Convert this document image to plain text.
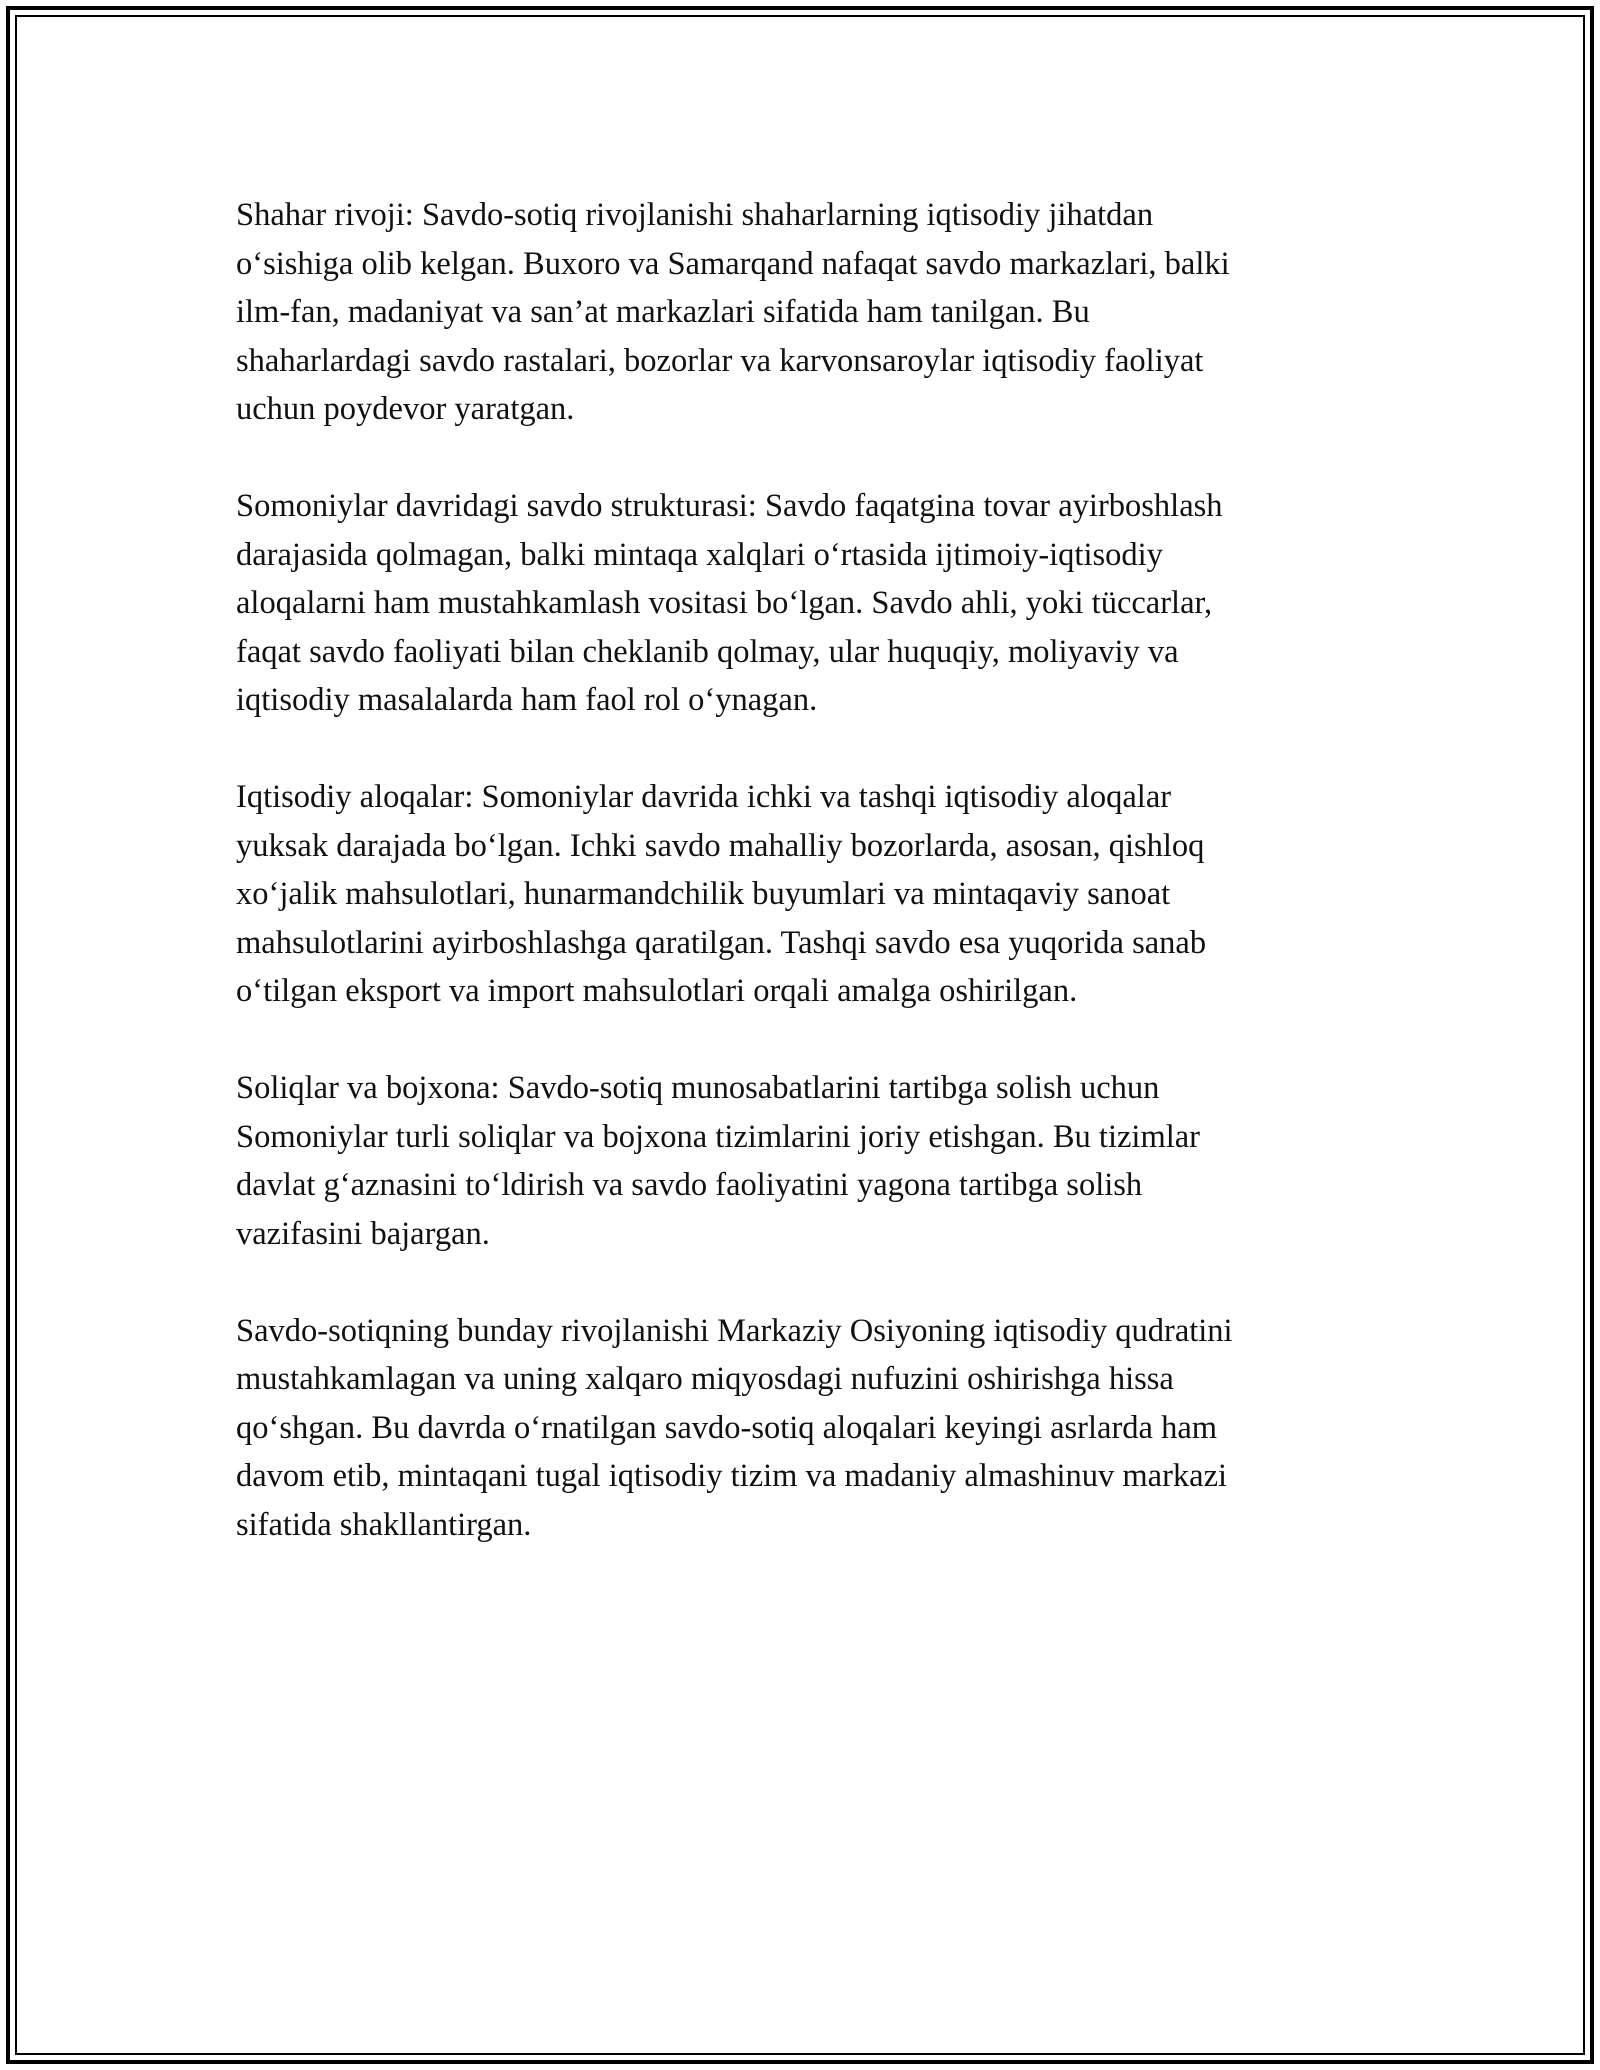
Shahar rivoji: Savdo-sotiq rivojlanishi shaharlarning iqtisodiy jihatdan
o‘sishiga olib kelgan. Buxoro va Samarqand nafaqat savdo markazlari, balki
ilm-fan, madaniyat va san’at markazlari sifatida ham tanilgan. Bu
shaharlardagi savdo rastalari, bozorlar va karvonsaroylar iqtisodiy faoliyat
uchun poydevor yaratgan.

Somoniylar davridagi savdo strukturasi: Savdo faqatgina tovar ayirboshlash
darajasida qolmagan, balki mintaqa xalqlari o‘rtasida ijtimoiy-iqtisodiy
aloqalarni ham mustahkamlash vositasi bo‘lgan. Savdo ahli, yoki tüccarlar,
faqat savdo faoliyati bilan cheklanib qolmay, ular huquqiy, moliyaviy va
iqtisodiy masalalarda ham faol rol o‘ynagan.

Iqtisodiy aloqalar: Somoniylar davrida ichki va tashqi iqtisodiy aloqalar
yuksak darajada bo‘lgan. Ichki savdo mahalliy bozorlarda, asosan, qishloq
xo‘jalik mahsulotlari, hunarmandchilik buyumlari va mintaqaviy sanoat
mahsulotlarini ayirboshlashga qaratilgan. Tashqi savdo esa yuqorida sanab
o‘tilgan eksport va import mahsulotlari orqali amalga oshirilgan.

Soliqlar va bojxona: Savdo-sotiq munosabatlarini tartibga solish uchun
Somoniylar turli soliqlar va bojxona tizimlarini joriy etishgan. Bu tizimlar
davlat g‘aznasini to‘ldirish va savdo faoliyatini yagona tartibga solish
vazifasini bajargan.

Savdo-sotiqning bunday rivojlanishi Markaziy Osiyoning iqtisodiy qudratini
mustahkamlagan va uning xalqaro miqyosdagi nufuzini oshirishga hissa
qo‘shgan. Bu davrda o‘rnatilgan savdo-sotiq aloqalari keyingi asrlarda ham
davom etib, mintaqani tugal iqtisodiy tizim va madaniy almashinuv markazi
sifatida shakllantirgan.
